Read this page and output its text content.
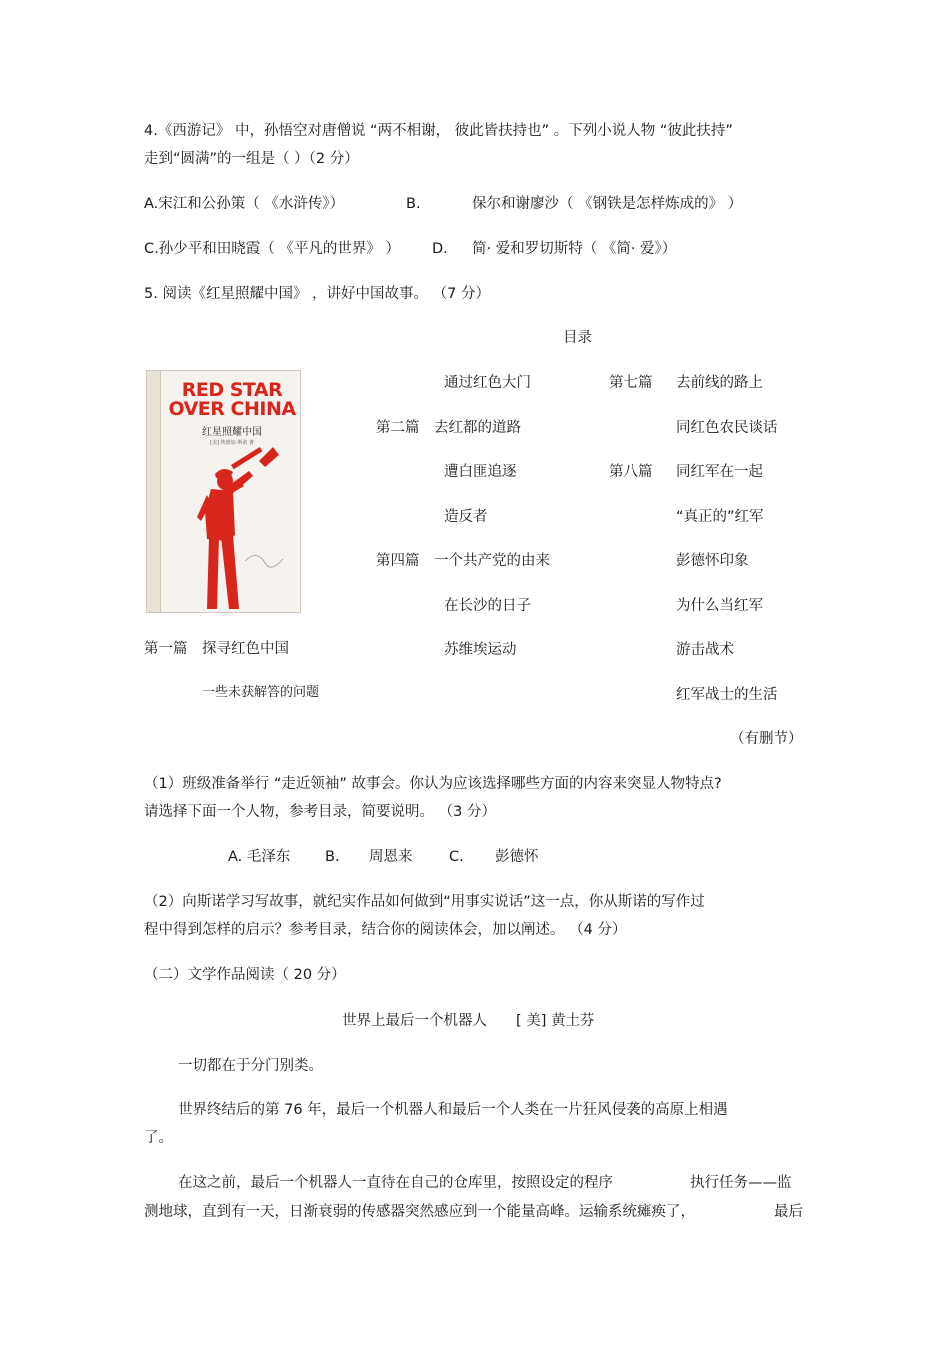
4.《西游记》 中，孙悟空对唐僧说 “两不相谢， 彼此皆扶持也” 。下列小说人物 “彼此扶持”
走到“圆满”的一组是（ ）（2 分）
A.宋江和公孙策（ 《水浒传》）	B.	保尔和谢廖沙（ 《钢铁是怎样炼成的》 ）
C.孙少平和田晓霞（ 《平凡的世界》 ） D. 简· 爱和罗切斯特（ 《简· 爱》）
5. 阅读《红星照耀中国》 ，讲好中国故事。 （7 分）
目录
RED STAR
OVER CHINA
红星照耀中国
[美] 埃德加·斯诺 著
第一篇 探寻红色中国
一些未获解答的问题
通过红色大门
第二篇 去红都的道路
遭白匪追逐
造反者
第四篇 一个共产党的由来
在长沙的日子
苏维埃运动
第七篇 去前线的路上
同红色农民谈话
第八篇 同红军在一起
“真正的”红军
彭德怀印象
为什么当红军
游击战术
红军战士的生活
（有删节）
（1）班级准备举行 “走近领袖” 故事会。你认为应该选择哪些方面的内容来突显人物特点?
请选择下面一个人物，参考目录，简要说明。 （3 分）
A. 毛泽东 B. 周恩来	C. 彭德怀
（2）向斯诺学习写故事，就纪实作品如何做到“用事实说话”这一点，你从斯诺的写作过
程中得到怎样的启示？参考目录，结合你的阅读体会，加以阐述。 （4 分）
（二）文学作品阅读（ 20 分）
世界上最后一个机器人 [ 美] 黄土芬
一切都在于分门别类。
世界终结后的第 76 年，最后一个机器人和最后一个人类在一片狂风侵袭的高原上相遇
了。
在这之前，最后一个机器人一直待在自己的仓库里，按照设定的程序	执行任务——监
测地球，直到有一天，日渐衰弱的传感器突然感应到一个能量高峰。运输系统瘫痪了，	最后
